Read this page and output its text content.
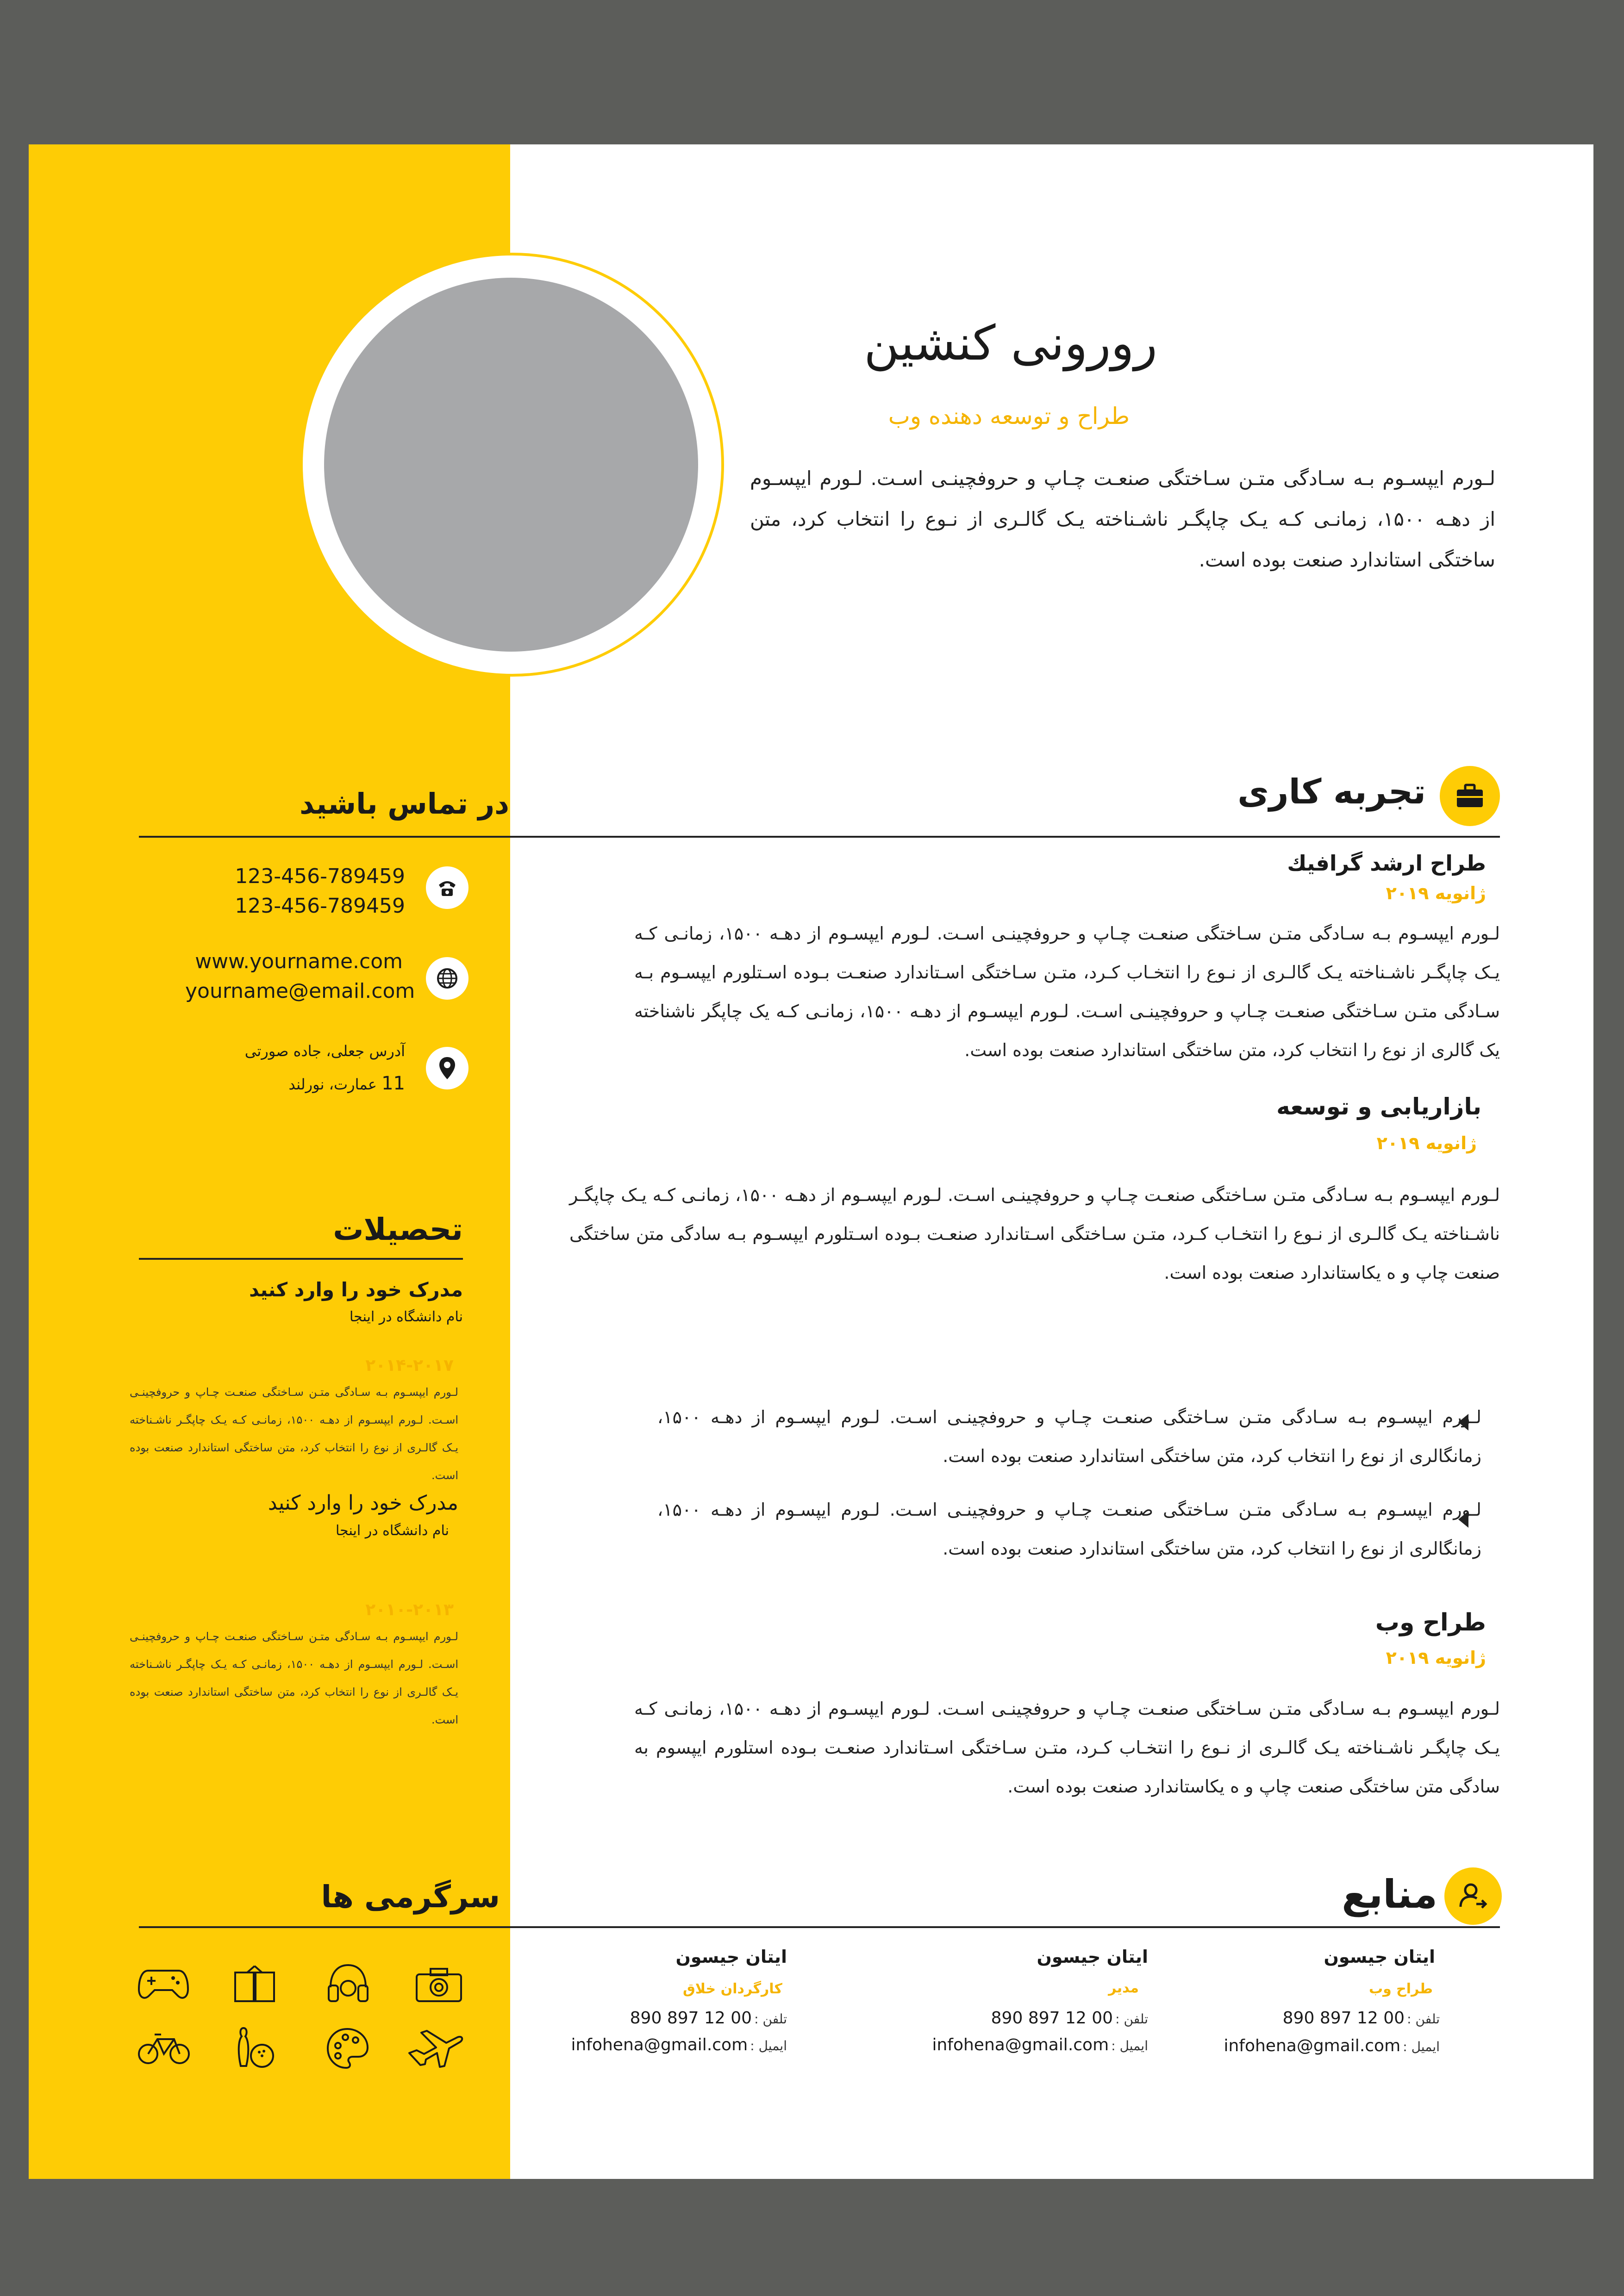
رورونی کنشین
طراح و توسعه دهنده وب
لـورم ایپسـوم بـه سـادگی متـن سـاختگی صنعـت چـاپ و حروفچینـی اسـت. لـورم ایپسـوم از دهـه ۱۵۰۰، زمانـی کـه یـک چاپگـر ناشـناخته یـک گالـری از نـوع را انتخاب کرد، متن ساختگی استاندارد صنعت بوده است.
تجربه کاری
در تماس باشید
طراح ارشد گرافیك
ژانویه ۲۰۱۹
لـورم ایپسـوم بـه سـادگی متـن سـاختگی صنعـت چـاپ و حروفچینـی اسـت. لـورم ایپسـوم از دهـه ۱۵۰۰، زمانـی کـه یـک چاپگـر ناشـناخته یـک گالـری از نـوع را انتخـاب کـرد، متـن سـاختگی اسـتاندارد صنعـت بـوده اسـتلورم ایپسـوم بـه سـادگی متـن سـاختگی صنعـت چـاپ و حروفچینـی اسـت. لـورم ایپسـوم از دهـه ۱۵۰۰، زمانـی کـه یک چاپگر ناشناخته یک گالری از نوع را انتخاب کرد، متن ساختگی استاندارد صنعت بوده است.
بازاریابی و توسعه
ژانویه ۲۰۱۹
لـورم ایپسـوم بـه سـادگی متـن سـاختگی صنعـت چـاپ و حروفچینـی اسـت. لـورم ایپسـوم از دهـه ۱۵۰۰، زمانـی کـه یـک چاپگـر ناشـناخته یـک گالـری از نـوع را انتخـاب کـرد، متـن سـاختگی اسـتاندارد صنعـت بـوده اسـتلورم ایپسـوم بـه سادگی متن ساختگی صنعت چاپ و ه یکاستاندارد صنعت بوده است.
لـورم ایپسـوم بـه سـادگی متـن سـاختگی صنعـت چـاپ و حروفچینـی اسـت. لـورم ایپسـوم از دهـه ۱۵۰۰، زمانگالری از نوع را انتخاب کرد، متن ساختگی استاندارد صنعت بوده است.
لـورم ایپسـوم بـه سـادگی متـن سـاختگی صنعـت چـاپ و حروفچینـی اسـت. لـورم ایپسـوم از دهـه ۱۵۰۰، زمانگالری از نوع را انتخاب کرد، متن ساختگی استاندارد صنعت بوده است.
طراح وب
ژانویه ۲۰۱۹
لـورم ایپسـوم بـه سـادگی متـن سـاختگی صنعـت چـاپ و حروفچینـی اسـت. لـورم ایپسـوم از دهـه ۱۵۰۰، زمانـی کـه یـک چاپگـر ناشـناخته یـک گالـری از نـوع را انتخـاب کـرد، متـن سـاختگی اسـتاندارد صنعـت بـوده استلورم ایپسوم به سادگی متن ساختگی صنعت چاپ و ه یکاستاندارد صنعت بوده است.
123-456-789459
123-456-789459
www.yourname.com
yourname@email.com
آدرس جعلی، جاده صورتی
11 عمارت، نورلند
تحصیلات
مدرک خود را وارد کنید
نام دانشگاه در اینجا
۲۰۱۴-۲۰۱۷
لـورم ایپسـوم بـه سـادگی متـن سـاختگی صنعـت چـاپ و حروفچینـی اسـت. لـورم ایپسـوم از دهـه ۱۵۰۰، زمانـی کـه یـک چاپگـر ناشـناخته یـک گالـری از نوع را انتخاب کرد، متن ساختگی استاندارد صنعت بوده است.
مدرک خود را وارد کنید
نام دانشگاه در اینجا
۲۰۱۰-۲۰۱۳
لـورم ایپسـوم بـه سـادگی متـن سـاختگی صنعـت چـاپ و حروفچینـی اسـت. لـورم ایپسـوم از دهـه ۱۵۰۰، زمانـی کـه یـک چاپگـر ناشـناخته یـک گالـری از نوع را انتخاب کرد، متن ساختگی استاندارد صنعت بوده است.
سرگرمی ها	منابع
ایتان جیسون
طراح وب
تلفن : 890 897 12 00
ایمیل : infohena@gmail.com
ایتان جیسون
مدیر
تلفن : 890 897 12 00
ایمیل : infohena@gmail.com
ایتان جیسون
کارگردان خلاق
تلفن : 890 897 12 00
ایمیل : infohena@gmail.com
